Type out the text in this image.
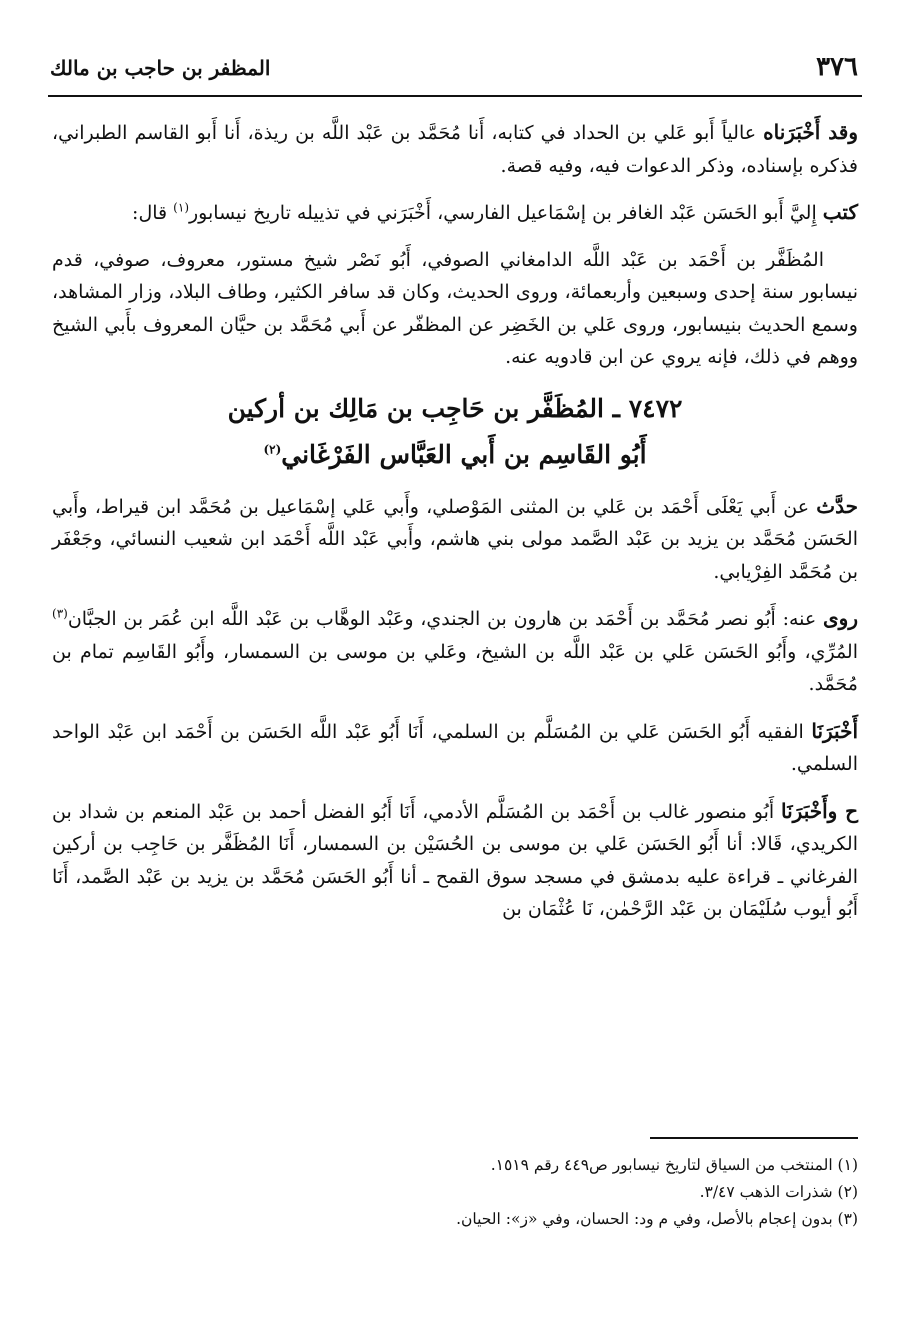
٣٧٦
المظفر بن حاجب بن مالك

وقد أَخْبَرَناه عالياً أَبو عَلي بن الحداد في كتابه، أَنا مُحَمَّد بن عَبْد اللَّه بن ريذة، أَنا أَبو القاسم الطبراني، فذكره بإسناده، وذكر الدعوات فيه، وفيه قصة.

كتب إِليَّ أَبو الحَسَن عَبْد الغافر بن إسْمَاعيل الفارسي، أَخْبَرَني في تذييله تاريخ نيسابور$^{(١)}$ قال:

المُظَفَّر بن أَحْمَد بن عَبْد اللَّه الدامغاني الصوفي، أَبُو نَصْر شيخ مستور، معروف، صوفي، قدم نيسابور سنة إحدى وسبعين وأربعمائة، وروى الحديث، وكان قد سافر الكثير، وطاف البلاد، وزار المشاهد، وسمع الحديث بنيسابور، وروى عَلي بن الخَضِر عن المظفّر عن أَبي مُحَمَّد بن حيَّان المعروف بأَبي الشيخ ووهم في ذلك، فإنه يروي عن ابن قادويه عنه.

٧٤٧٢ ـ المُظَفَّر بن حَاجِب بن مَالِك بن أركين
أَبُو القَاسِم بن أَبي العَبَّاس الفَرْغَاني$^{(٢)}$

حدَّث عن أَبي يَعْلَى أَحْمَد بن عَلي بن المثنى المَوْصلي، وأَبي عَلي إسْمَاعيل بن مُحَمَّد ابن قيراط، وأَبي الحَسَن مُحَمَّد بن يزيد بن عَبْد الصَّمد مولى بني هاشم، وأَبي عَبْد اللَّه أَحْمَد ابن شعيب النسائي، وجَعْفَر بن مُحَمَّد الفِرْيابي.

روى عنه: أَبُو نصر مُحَمَّد بن أَحْمَد بن هارون بن الجندي، وعَبْد الوهَّاب بن عَبْد اللَّه ابن عُمَر بن الجبَّان$^{(٣)}$ المُرِّي، وأَبُو الحَسَن عَلي بن عَبْد اللَّه بن الشيخ، وعَلي بن موسى بن السمسار، وأَبُو القَاسِم تمام بن مُحَمَّد.

أَخْبَرَنَا الفقيه أَبُو الحَسَن عَلي بن المُسَلَّم بن السلمي، أَنَا أَبُو عَبْد اللَّه الحَسَن بن أَحْمَد ابن عَبْد الواحد السلمي.

ح وأَخْبَرَنَا أَبُو منصور غالب بن أَحْمَد بن المُسَلَّم الأدمي، أَنَا أَبُو الفضل أحمد بن عَبْد المنعم بن شداد بن الكريدي، قَالا: أنا أَبُو الحَسَن عَلي بن موسى بن الحُسَيْن بن السمسار، أَنَا المُظَفَّر بن حَاجِب بن أركين الفرغاني ـ قراءة عليه بدمشق في مسجد سوق القمح ـ أنا أَبُو الحَسَن مُحَمَّد بن يزيد بن عَبْد الصَّمد، أَنَا أَبُو أيوب سُلَيْمَان بن عَبْد الرَّحْمٰن، نَا عُثْمَان بن

(١) المنتخب من السياق لتاريخ نيسابور ص٤٤٩ رقم ١٥١٩.
(٢) شذرات الذهب ٣/٤٧.
(٣) بدون إعجام بالأصل، وفي م ود: الحسان، وفي «ز»: الحيان.
